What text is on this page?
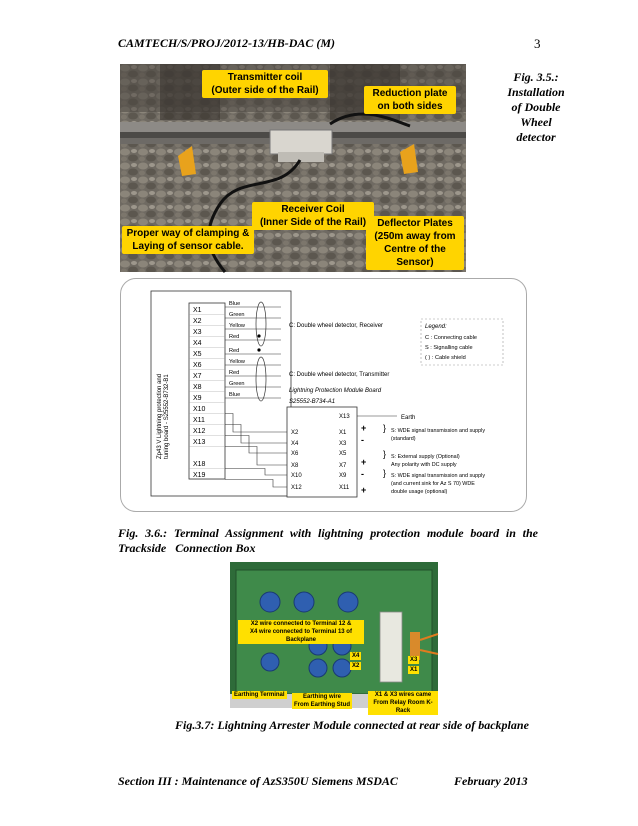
CAMTECH/S/PROJ/2012-13/HB-DAC (M)	3
Transmitter coil
(Outer side of the Rail)	Reduction plate
on both sides
Receiver Coil
(Inner Side of the Rail)
Proper way of clamping &
Laying of sensor cable.
Deflector Plates
(250m away from
Centre of the Sensor)
Fig. 3.5.:
Installation
of Double
Wheel
detector
Zp43 V Lightning protection and tuning board - S25552-B732-B1
X1
X2
X3
X4
X5
X6
X7
X8
X9
X10
X11
X12
X13
X18
X19
Blue
Green
Yellow
Red
Red
Yellow
Red
Green
Blue
C: Double wheel detector, Receiver
C: Double wheel detector, Transmitter
Legend:
C : Connecting cable
S : Signalling cable
( ) : Cable shield
Lightning Protection Module Board
S25552-B734-A1
X13
X2
X4
X6
X8
X10
X12
X1
X3
X5
X7
X9
X11
Earth
+
-
+
-
+
} S: WDE signal transmission and supply
(standard)
} S: External supply (Optional)
Any polarity with DC supply
} S: WDE signal transmission and supply
(and current sink for Az S 70) WDE
double usage (optional)
Fig. 3.6.: Terminal Assignment with lightning protection module board in the
Trackside   Connection Box
X2 wire connected to Terminal 12 &
X4 wire connected to Terminal 13 of Backplane
X4
X2
X3
X1
Earthing Terminal	Earthing wire
From Earthing Stud
X1 & X3 wires came
From Relay Room K-Rack
Fig.3.7: Lightning Arrester Module connected at rear side of backplane
Section III : Maintenance of AzS350U Siemens MSDAC	February 2013
